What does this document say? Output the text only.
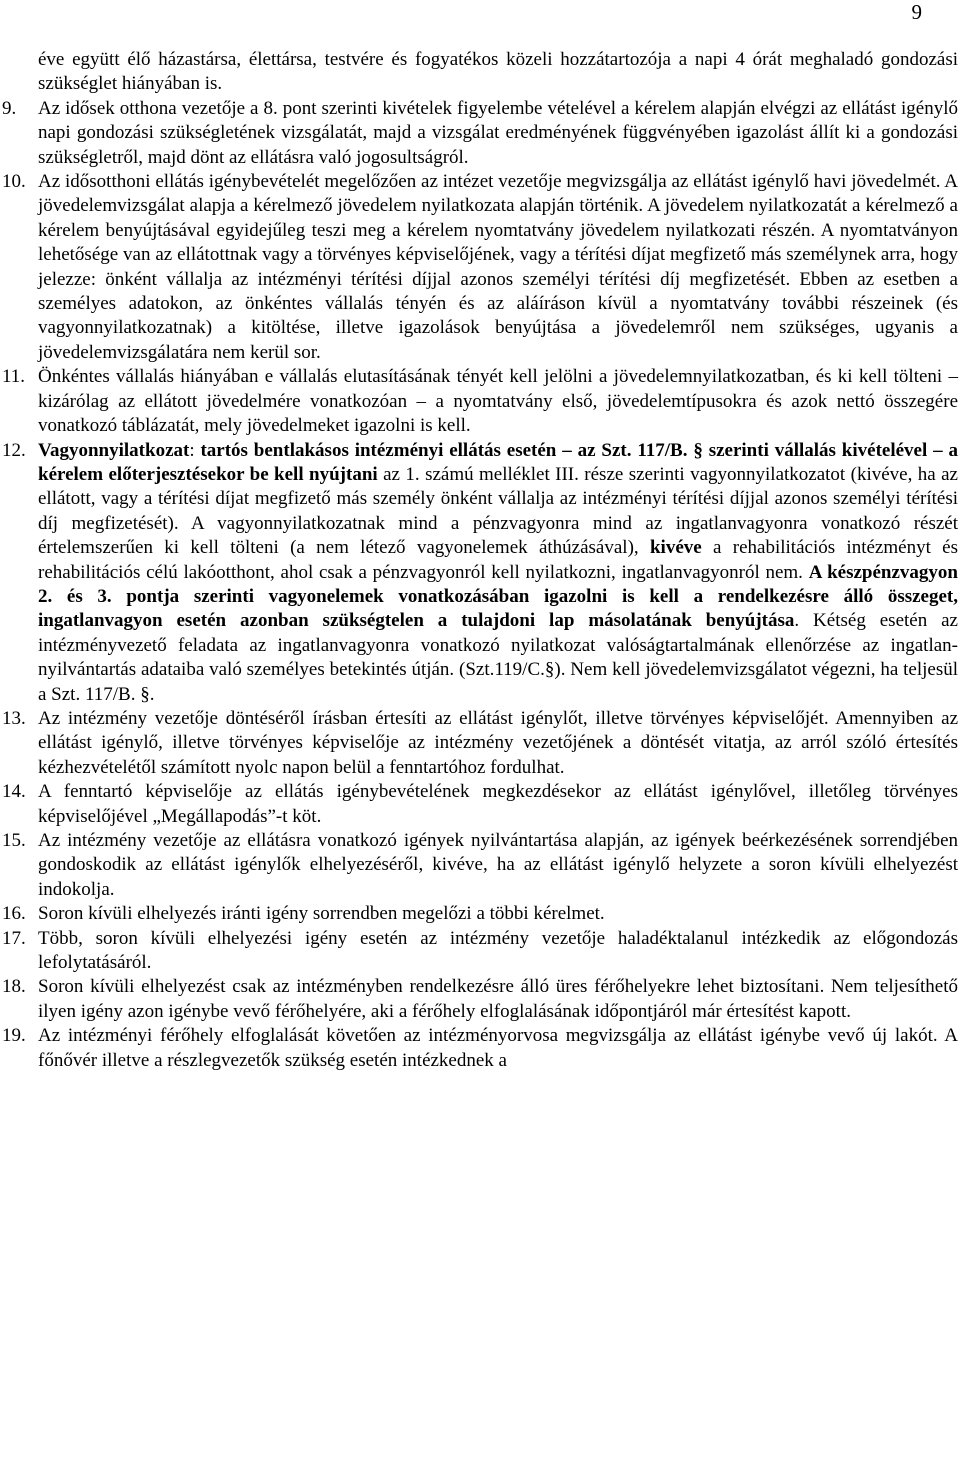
9

éve együtt élő házastársa, élettársa, testvére és fogyatékos közeli hozzátartozója a napi 4 órát meghaladó gondozási szükséglet hiányában is.

9.	Az idősek otthona vezetője a 8. pont szerinti kivételek figyelembe vételével a kérelem alapján elvégzi az ellátást igénylő napi gondozási szükségletének vizsgálatát, majd a vizsgálat eredményének függvényében igazolást állít ki a gondozási szükségletről, majd dönt az ellátásra való jogosultságról.
10. Az idősotthoni ellátás igénybevételét megelőzően az intézet vezetője megvizsgálja az ellátást igénylő havi jövedelmét. A jövedelemvizsgálat alapja a kérelmező jövedelem nyilatkozata alapján történik. A jövedelem nyilatkozatát a kérelmező a kérelem benyújtásával egyidejűleg teszi meg a kérelem nyomtatvány jövedelem nyilatkozati részén. A nyomtatványon lehetősége van az ellátottnak vagy a törvényes képviselőjének, vagy a térítési díjat megfizető más személynek arra, hogy jelezze: önként vállalja az intézményi térítési díjjal azonos személyi térítési díj megfizetését. Ebben az esetben a személyes adatokon, az önkéntes vállalás tényén és az aláíráson kívül a nyomtatvány további részeinek (és vagyonnyilatkozatnak) a kitöltése, illetve igazolások benyújtása a jövedelemről nem szükséges, ugyanis a jövedelemvizsgálatára nem kerül sor.
11. Önkéntes vállalás hiányában e vállalás elutasításának tényét kell jelölni a jövedelemnyilatkozatban, és ki kell tölteni – kizárólag az ellátott jövedelmére vonatkozóan – a nyomtatvány első, jövedelemtípusokra és azok nettó összegére vonatkozó táblázatát, mely jövedelmeket igazolni is kell.
12. Vagyonnyilatkozat: tartós bentlakásos intézményi ellátás esetén – az Szt. 117/B. § szerinti vállalás kivételével – a kérelem előterjesztésekor be kell nyújtani az 1. számú melléklet III. része szerinti vagyonnyilatkozatot (kivéve, ha az ellátott, vagy a térítési díjat megfizető más személy önként vállalja az intézményi térítési díjjal azonos személyi térítési díj megfizetését). A vagyonnyilatkozatnak mind a pénzvagyonra mind az ingatlanvagyonra vonatkozó részét értelemszerűen ki kell tölteni (a nem létező vagyonelemek áthúzásával), kivéve a rehabilitációs intézményt és rehabilitációs célú lakóotthont, ahol csak a pénzvagyonról kell nyilatkozni, ingatlanvagyonról nem. A készpénzvagyon 2. és 3. pontja szerinti vagyonelemek vonatkozásában igazolni is kell a rendelkezésre álló összeget, ingatlanvagyon esetén azonban szükségtelen a tulajdoni lap másolatának benyújtása. Kétség esetén az intézményvezető feladata az ingatlanvagyonra vonatkozó nyilatkozat valóságtartalmának ellenőrzése az ingatlan-nyilvántartás adataiba való személyes betekintés útján. (Szt.119/C.§). Nem kell jövedelemvizsgálatot végezni, ha teljesül a Szt. 117/B. §.
13. Az intézmény vezetője döntéséről írásban értesíti az ellátást igénylőt, illetve törvényes képviselőjét. Amennyiben az ellátást igénylő, illetve törvényes képviselője az intézmény vezetőjének a döntését vitatja, az arról szóló értesítés kézhezvételétől számított nyolc napon belül a fenntartóhoz fordulhat.
14. A fenntartó képviselője az ellátás igénybevételének megkezdésekor az ellátást igénylővel, illetőleg törvényes képviselőjével „Megállapodás”-t köt.
15. Az intézmény vezetője az ellátásra vonatkozó igények nyilvántartása alapján, az igények beérkezésének sorrendjében gondoskodik az ellátást igénylők elhelyezéséről, kivéve, ha az ellátást igénylő helyzete a soron kívüli elhelyezést indokolja.
16. Soron kívüli elhelyezés iránti igény sorrendben megelőzi a többi kérelmet.
17. Több, soron kívüli elhelyezési igény esetén az intézmény vezetője haladéktalanul intézkedik az előgondozás lefolytatásáról.
18. Soron kívüli elhelyezést csak az intézményben rendelkezésre álló üres férőhelyekre lehet biztosítani. Nem teljesíthető ilyen igény azon igénybe vevő férőhelyére, aki a férőhely elfoglalásának időpontjáról már értesítést kapott.
19. Az intézményi férőhely elfoglalását követően az intézményorvosa megvizsgálja az ellátást igénybe vevő új lakót. A főnővér illetve a részlegvezetők szükség esetén intézkednek a
